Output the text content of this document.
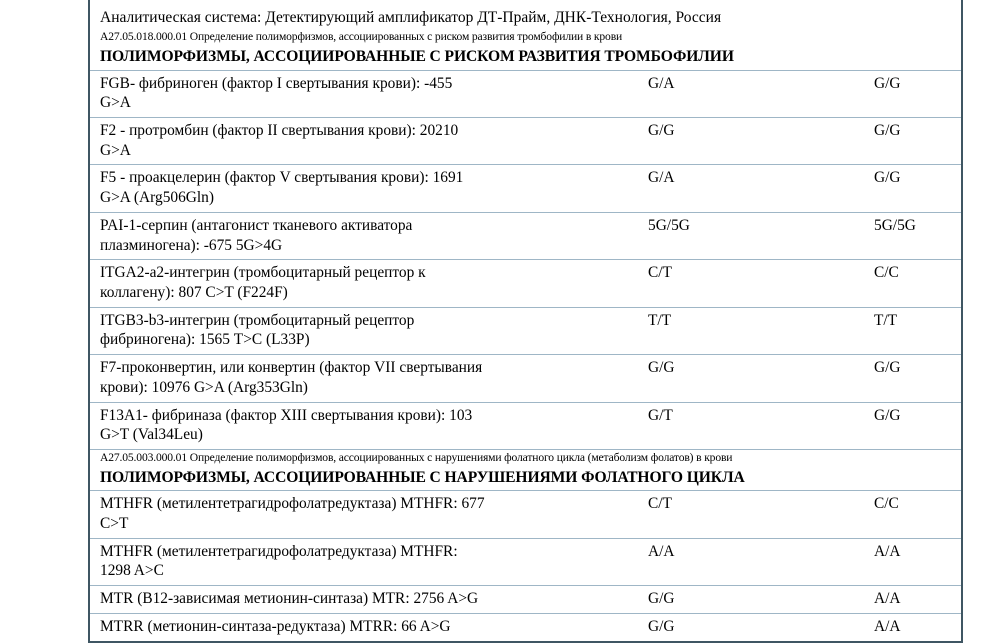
Аналитическая система: Детектирующий амплификатор ДТ-Прайм, ДНК-Технология, Россия		
А27.05.018.000.01 Определение полиморфизмов, ассоциированных с риском развития тромбофилии в крови		
ПОЛИМОРФИЗМЫ, АССОЦИИРОВАННЫЕ С РИСКОМ РАЗВИТИЯ ТРОМБОФИЛИИ		
FGB- фибриноген (фактор I свертывания крови): -455
G>A	G/A	G/G
F2 - протромбин (фактор II свертывания крови): 20210
G>A	G/G	G/G
F5 - проакцелерин (фактор V свертывания крови): 1691
G>A (Arg506Gln)	G/A	G/G
PAI-1-серпин (антагонист тканевого активатора
плазминогена): -675 5G>4G	5G/5G	5G/5G
ITGA2-a2-интегрин (тромбоцитарный рецептор к
коллагену): 807 C>T (F224F)	C/T	C/C
ITGB3-b3-интегрин (тромбоцитарный рецептор
фибриногена): 1565 T>C (L33P)	T/T	T/T
F7-проконвертин, или конвертин (фактор VII свертывания
крови): 10976 G>A (Arg353Gln)	G/G	G/G
F13A1- фибриназа (фактор XIII свертывания крови): 103
G>T (Val34Leu)	G/T	G/G
А27.05.003.000.01 Определение полиморфизмов, ассоциированных с нарушениями фолатного цикла (метаболизм фолатов) в крови		
ПОЛИМОРФИЗМЫ, АССОЦИИРОВАННЫЕ С НАРУШЕНИЯМИ ФОЛАТНОГО ЦИКЛА		
MTHFR (метилентетрагидрофолатредуктаза) MTHFR: 677
C>T	C/T	C/C
MTHFR (метилентетрагидрофолатредуктаза) MTHFR:
1298 A>C	A/A	A/A
MTR (B12-зависимая метионин-синтаза) MTR: 2756 A>G	G/G	A/A
MTRR (метионин-синтаза-редуктаза) MTRR: 66 A>G	G/G	A/A
